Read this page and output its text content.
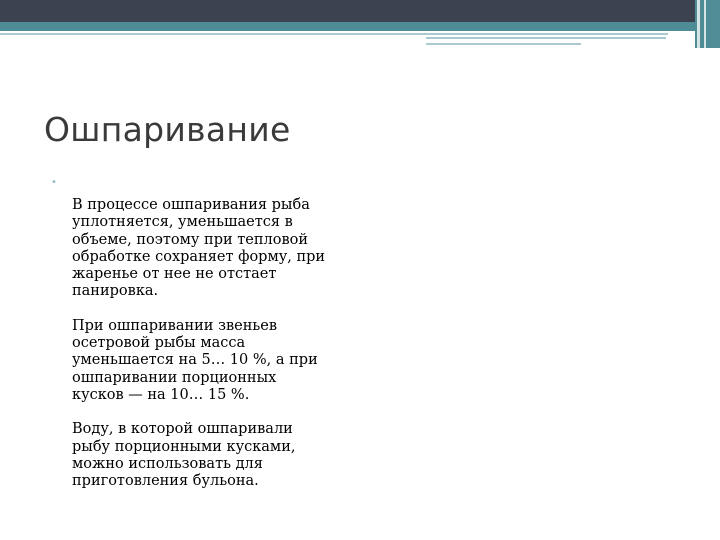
Ошпаривание
•

В процессе ошпаривания рыба
уплотняется, уменьшается в
объеме, поэтому при тепловой
обработке сохраняет форму, при
жаренье от нее не отстает
панировка.

При ошпаривании звеньев
осетровой рыбы масса
уменьшается на 5… 10 %, а при
ошпаривании порционных
кусков — на 10… 15 %.

Воду, в которой ошпаривали
рыбу порционными кусками,
можно использовать для
приготовления бульона.
